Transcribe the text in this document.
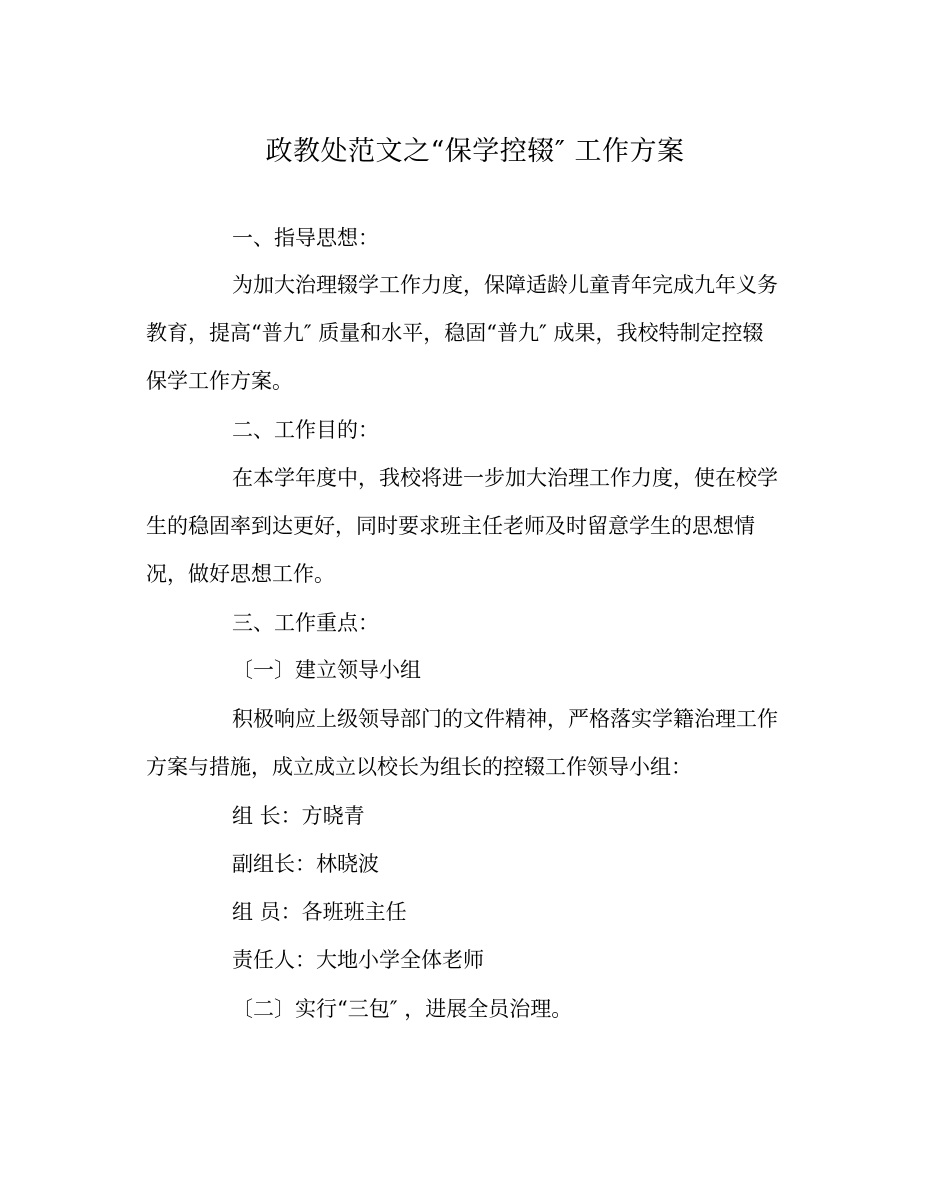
政教处范文之“保学控辍″ 工作方案
一、指导思想：
为加大治理辍学工作力度，保障适龄儿童青年完成九年义务
教育，提高“普九″ 质量和水平，稳固“普九″ 成果，我校特制定控辍
保学工作方案。
二、工作目的：
在本学年度中，我校将进一步加大治理工作力度，使在校学
生的稳固率到达更好，同时要求班主任老师及时留意学生的思想情
况，做好思想工作。
三、工作重点：
〔一〕建立领导小组
积极响应上级领导部门的文件精神，严格落实学籍治理工作
方案与措施，成立成立以校长为组长的控辍工作领导小组：
组 长：方晓青
副组长：林晓波
组 员：各班班主任
责任人：大地小学全体老师
〔二〕实行“三包″ ，进展全员治理。
